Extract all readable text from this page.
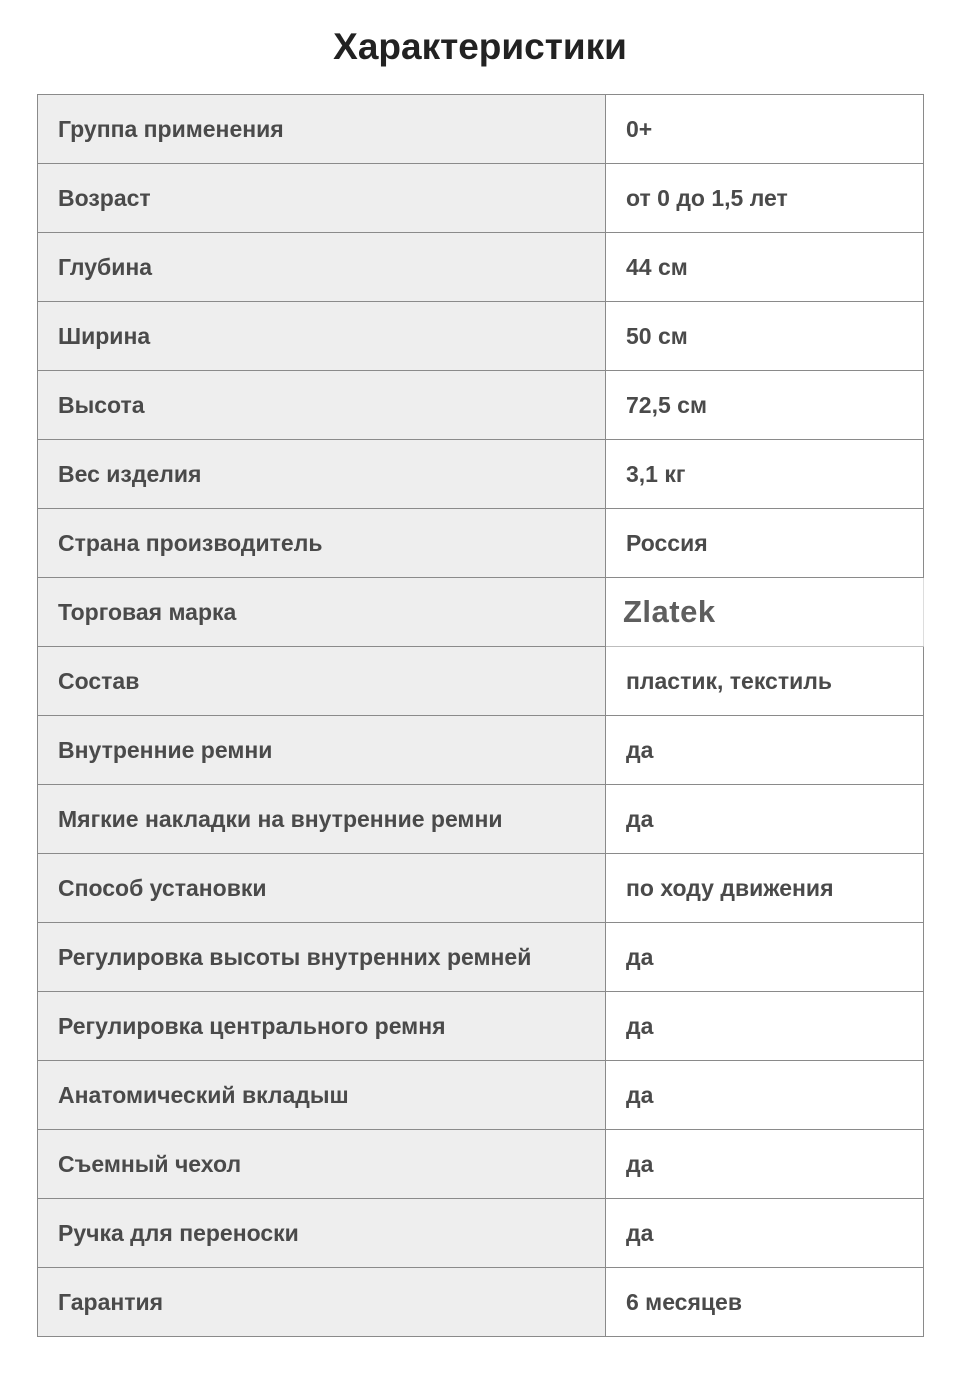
Характеристики
Группа применения	0+
Возраст	от 0 до 1,5 лет
Глубина	44 см
Ширина	50 см
Высота	72,5 см
Вес изделия	3,1 кг
Страна производитель	Россия
Торговая марка	Zlatek
Состав	пластик, текстиль
Внутренние ремни	да
Мягкие накладки на внутренние ремни	да
Способ установки	по ходу движения
Регулировка высоты внутренних ремней	да
Регулировка центрального ремня	да
Анатомический вкладыш	да
Съемный чехол	да
Ручка для переноски	да
Гарантия	6 месяцев
